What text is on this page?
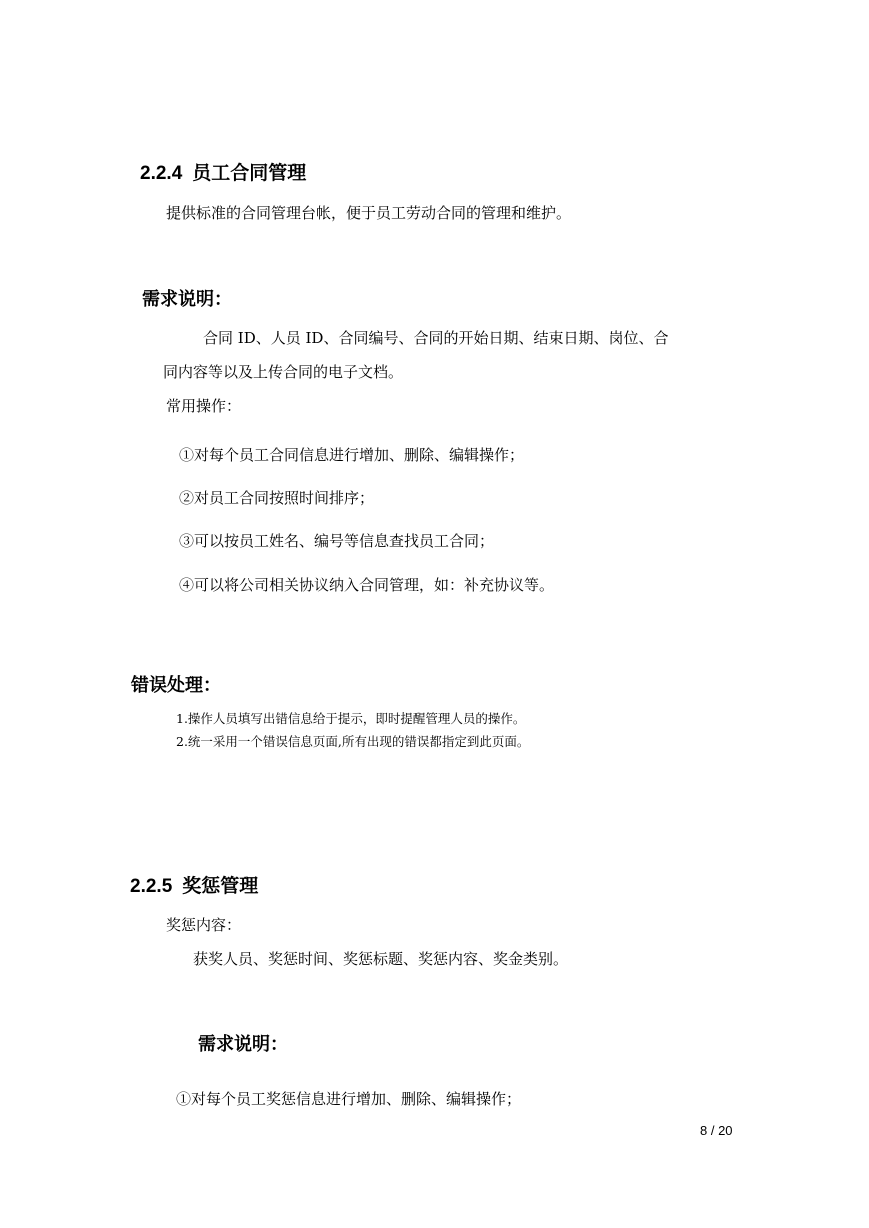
2.2.4 员工合同管理
提供标准的合同管理台帐，便于员工劳动合同的管理和维护。
需求说明：
合同 ID、人员 ID、合同编号、合同的开始日期、结束日期、岗位、合
同内容等以及上传合同的电子文档。
常用操作：
①对每个员工合同信息进行增加、删除、编辑操作；
②对员工合同按照时间排序；
③可以按员工姓名、编号等信息查找员工合同；
④可以将公司相关协议纳入合同管理，如：补充协议等。
错误处理：
1.操作人员填写出错信息给于提示，即时提醒管理人员的操作。
2.统一采用一个错误信息页面,所有出现的错误都指定到此页面。
2.2.5 奖惩管理
奖惩内容：
获奖人员、奖惩时间、奖惩标题、奖惩内容、奖金类别。
需求说明：
①对每个员工奖惩信息进行增加、删除、编辑操作；
8 / 20
